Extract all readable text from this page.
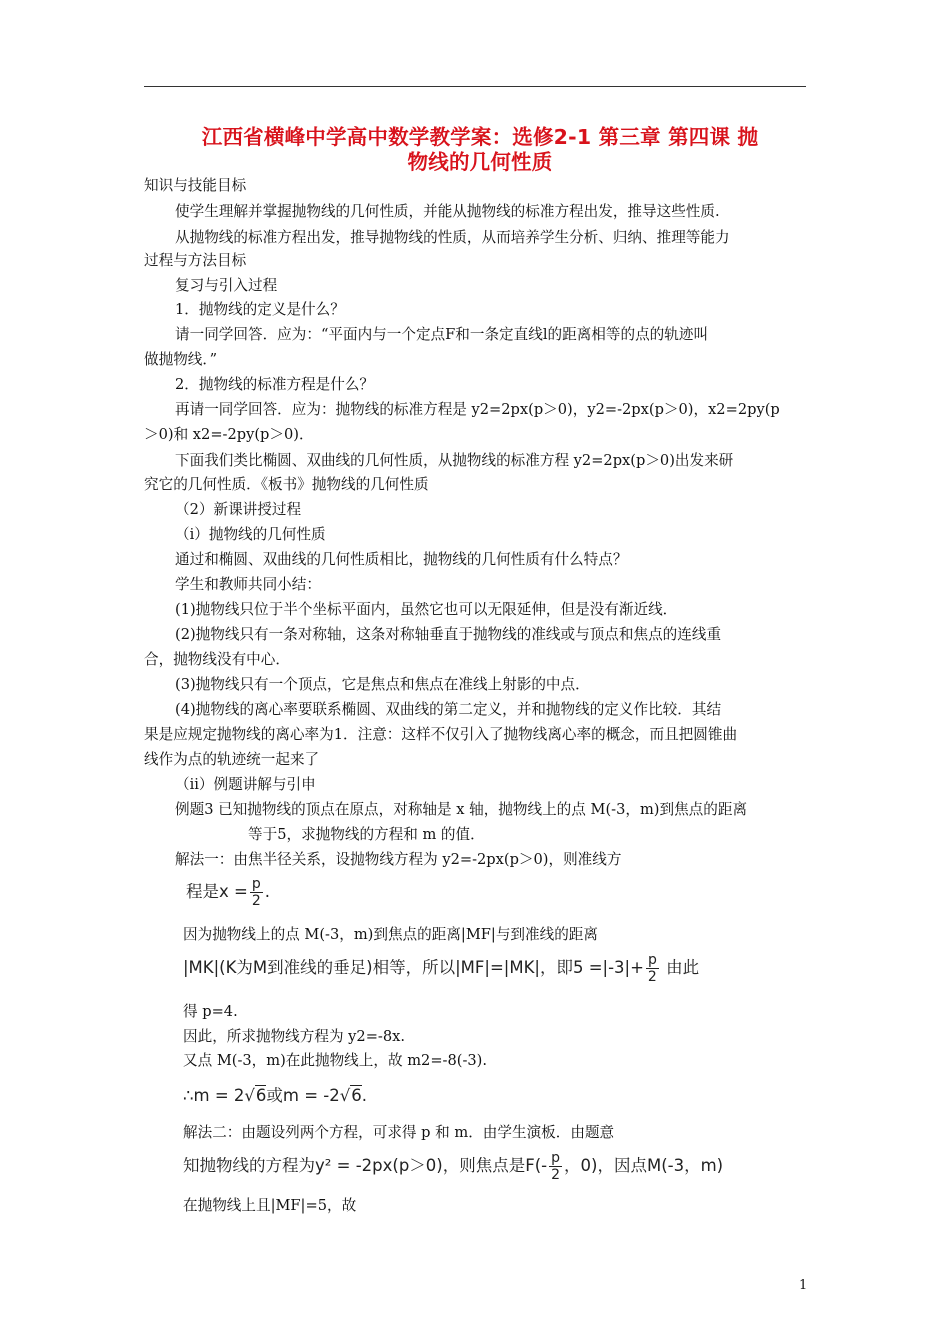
江西省横峰中学高中数学教学案：选修2-1 第三章 第四课 抛
物线的几何性质
知识与技能目标
使学生理解并掌握抛物线的几何性质，并能从抛物线的标准方程出发，推导这些性质.
从抛物线的标准方程出发，推导抛物线的性质，从而培养学生分析、归纳、推理等能力
过程与方法目标
复习与引入过程
1．抛物线的定义是什么？
请一同学回答．应为：“平面内与一个定点F和一条定直线l的距离相等的点的轨迹叫
做抛物线．”
2．抛物线的标准方程是什么？
再请一同学回答．应为：抛物线的标准方程是 y2=2px(p＞0)，y2=-2px(p＞0)，x2=2py(p
＞0)和 x2=-2py(p＞0)．
下面我们类比椭圆、双曲线的几何性质，从抛物线的标准方程 y2=2px(p＞0)出发来研
究它的几何性质．《板书》抛物线的几何性质
（2）新课讲授过程
（i）抛物线的几何性质
通过和椭圆、双曲线的几何性质相比，抛物线的几何性质有什么特点？
学生和教师共同小结：
(1)抛物线只位于半个坐标平面内，虽然它也可以无限延伸，但是没有渐近线．
(2)抛物线只有一条对称轴，这条对称轴垂直于抛物线的准线或与顶点和焦点的连线重
合，抛物线没有中心．
(3)抛物线只有一个顶点，它是焦点和焦点在准线上射影的中点．
(4)抛物线的离心率要联系椭圆、双曲线的第二定义，并和抛物线的定义作比较．其结
果是应规定抛物线的离心率为1．注意：这样不仅引入了抛物线离心率的概念，而且把圆锥曲
线作为点的轨迹统一起来了
（ii）例题讲解与引申
例题3 已知抛物线的顶点在原点，对称轴是 x 轴，抛物线上的点 M(-3，m)到焦点的距离
等于5，求抛物线的方程和 m 的值．
解法一：由焦半径关系，设抛物线方程为 y2=-2px(p＞0)，则准线方
程是$x = \frac{p}{2}$ .
因为抛物线上的点 M(-3，m)到焦点的距离|MF|与到准线的距离
|MK|(K为M到准线的垂足)相等，所以|MF|=|MK|，即$5 =|-3|+ \frac{p}{2}$ 由此
得 p=4.
因此，所求抛物线方程为 y2=-8x.
又点 M(-3，m)在此抛物线上，故 m2=-8(-3).
∴m = 2√6或m = -2√6.
解法二：由题设列两个方程，可求得 p 和 m．由学生演板．由题意
知抛物线的方程为y² = -2px(p＞0)，则焦点是$F(- \frac{p}{2}$ ，0)，因点M(-3，m)
在抛物线上且|MF|=5，故
1
